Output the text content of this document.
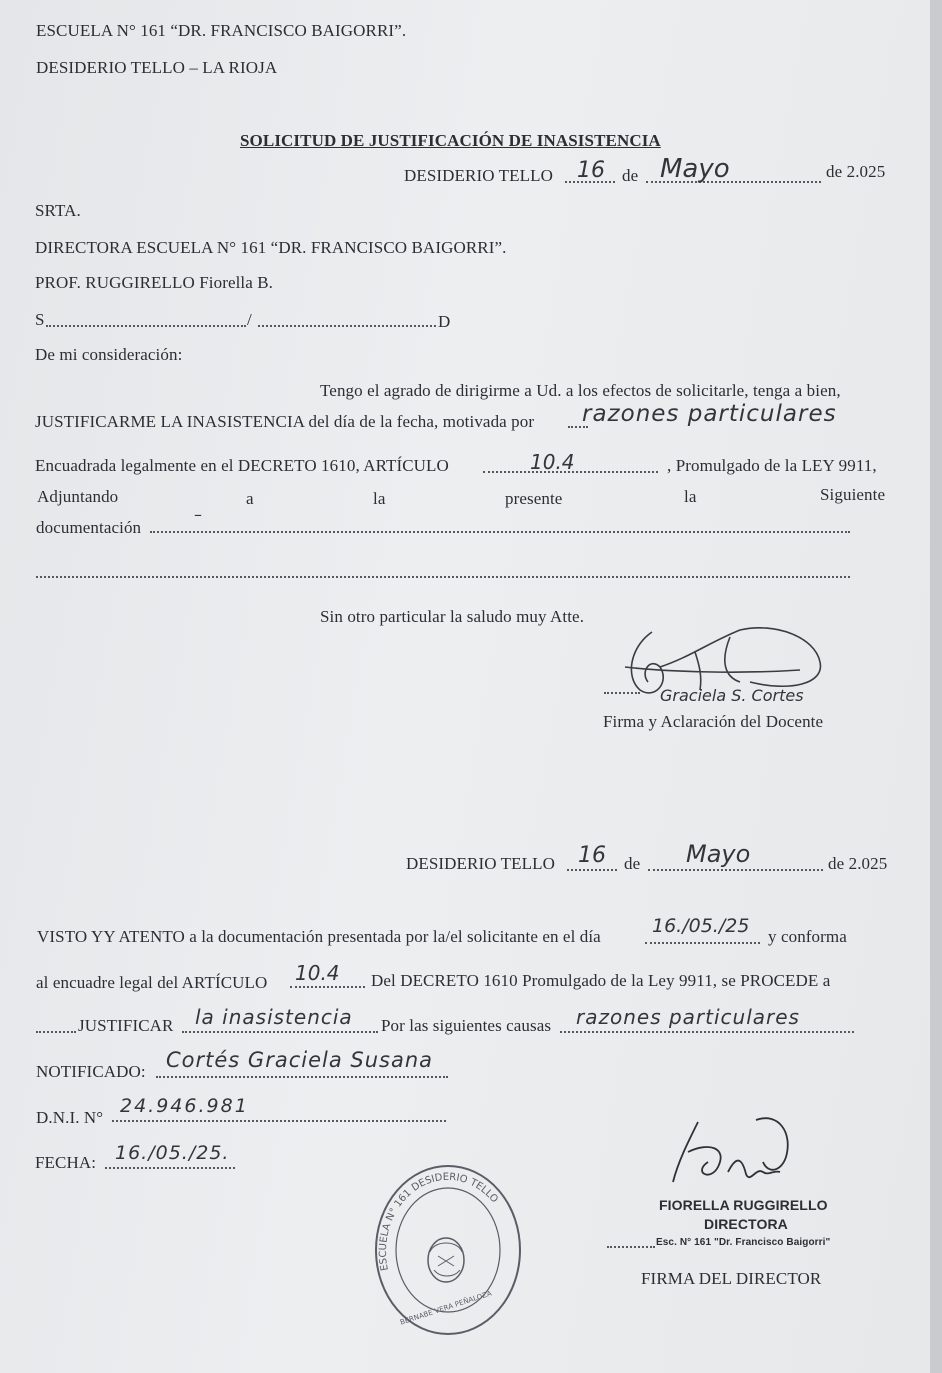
ESCUELA N° 161 “DR. FRANCISCO BAIGORRI”.
DESIDERIO TELLO – LA RIOJA
SOLICITUD DE JUSTIFICACIÓN DE INASISTENCIA
DESIDERIO TELLO 16 de Mayo	de 2.025
SRTA.
DIRECTORA ESCUELA N° 161 “DR. FRANCISCO BAIGORRI”.
PROF. RUGGIRELLO Fiorella B.
S	/	D
De mi consideración:
Tengo el agrado de dirigirme a Ud. a los efectos de solicitarle, tenga a bien,
JUSTIFICARME LA INASISTENCIA del día de la fecha, motivada por razones particulares
Encuadrada legalmente en el DECRETO 1610, ARTÍCULO	10.4	, Promulgado de la LEY 9911,
Adjuntando	a	la	presente	la	Siguiente
documentación
–
Sin otro particular la saludo muy Atte.
Graciela S. Cortes
Firma y Aclaración del Docente
DESIDERIO TELLO 16 de Mayo	de 2.025
VISTO YY ATENTO a la documentación presentada por la/el solicitante en el día	16./05./25 y conforma
al encuadre legal del ARTÍCULO 10.4 Del DECRETO 1610 Promulgado de la Ley 9911, se PROCEDE a
JUSTIFICAR la inasistencia Por las siguientes causas razones particulares
NOTIFICADO: Cortés Graciela Susana
D.N.I. N°
24.946.981
FECHA: 16./05./25.
ESCUELA N° 161 DESIDERIO TELLO
BERNABE VERA PEÑALOZA
FIORELLA RUGGIRELLO
DIRECTORA
Esc. N° 161 "Dr. Francisco Baigorri"
FIRMA DEL DIRECTOR
